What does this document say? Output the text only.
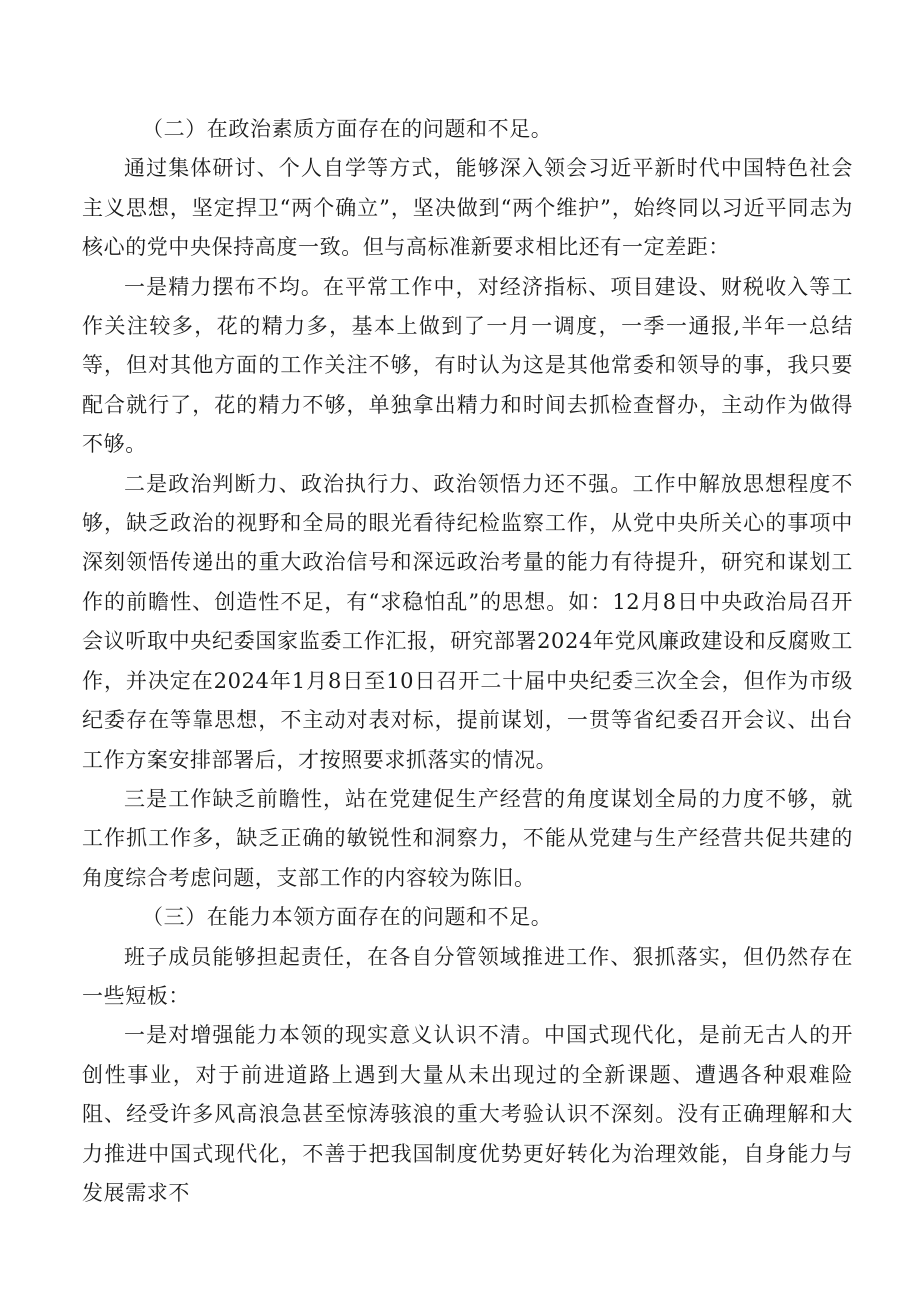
（二）在政治素质方面存在的问题和不足。

通过集体研讨、个人自学等方式，能够深入领会习近平新时代中国特色社会主义思想，坚定捍卫“两个确立”，坚决做到“两个维护”，始终同以习近平同志为核心的党中央保持高度一致。但与高标准新要求相比还有一定差距：

一是精力摆布不均。在平常工作中，对经济指标、项目建设、财税收入等工作关注较多，花的精力多，基本上做到了一月一调度，一季一通报,半年一总结等，但对其他方面的工作关注不够，有时认为这是其他常委和领导的事，我只要配合就行了，花的精力不够，单独拿出精力和时间去抓检查督办，主动作为做得不够。

二是政治判断力、政治执行力、政治领悟力还不强。工作中解放思想程度不够，缺乏政治的视野和全局的眼光看待纪检监察工作，从党中央所关心的事项中深刻领悟传递出的重大政治信号和深远政治考量的能力有待提升，研究和谋划工作的前瞻性、创造性不足，有“求稳怕乱”的思想。如：12月8日中央政治局召开会议听取中央纪委国家监委工作汇报，研究部署2024年党风廉政建设和反腐败工作，并决定在2024年1月8日至10日召开二十届中央纪委三次全会，但作为市级纪委存在等靠思想，不主动对表对标，提前谋划，一贯等省纪委召开会议、出台工作方案安排部署后，才按照要求抓落实的情况。

三是工作缺乏前瞻性，站在党建促生产经营的角度谋划全局的力度不够，就工作抓工作多，缺乏正确的敏锐性和洞察力，不能从党建与生产经营共促共建的角度综合考虑问题，支部工作的内容较为陈旧。

（三）在能力本领方面存在的问题和不足。

班子成员能够担起责任，在各自分管领域推进工作、狠抓落实，但仍然存在一些短板：

一是对增强能力本领的现实意义认识不清。中国式现代化，是前无古人的开创性事业，对于前进道路上遇到大量从未出现过的全新课题、遭遇各种艰难险阻、经受许多风高浪急甚至惊涛骇浪的重大考验认识不深刻。没有正确理解和大力推进中国式现代化，不善于把我国制度优势更好转化为治理效能，自身能力与发展需求不
